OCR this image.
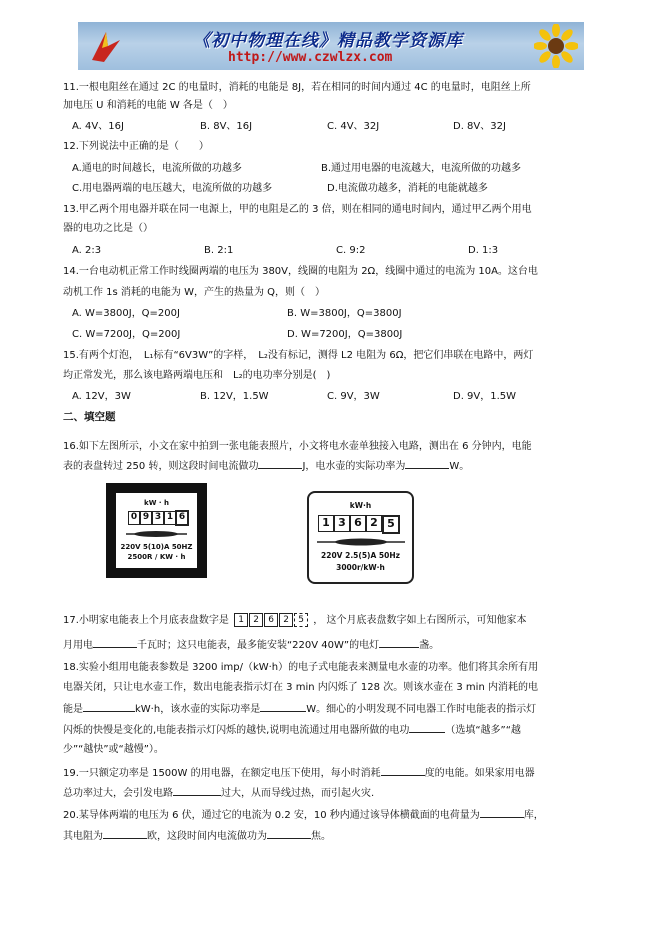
《初中物理在线》精品教学资源库
http://www.czwlzx.com
11.一根电阻丝在通过 2C 的电量时，消耗的电能是 8J，若在相同的时间内通过 4C 的电量时，电阻丝上所
加电压 U 和消耗的电能 W 各是（　）
A. 4V、16J	B. 8V、16J	C. 4V、32J	D. 8V、32J
12.下列说法中正确的是（　　）
A.通电的时间越长，电流所做的功越多	B.通过用电器的电流越大，电流所做的功越多
C.用电器两端的电压越大，电流所做的功越多	D.电流做功越多，消耗的电能就越多
13.甲乙两个用电器并联在同一电源上，甲的电阻是乙的 3 倍，则在相同的通电时间内，通过甲乙两个用电
器的电功之比是（）
A. 2:3	B. 2:1	C. 9:2	D. 1:3
14.一台电动机正常工作时线圈两端的电压为 380V，线圈的电阻为 2Ω，线圈中通过的电流为 10A。这台电
动机工作 1s 消耗的电能为 W，产生的热量为 Q，则（　）
A. W=3800J，Q=200J	B. W=3800J，Q=3800J
C. W=7200J，Q=200J	D. W=7200J，Q=3800J
15.有两个灯泡，　L₁标有“6V3W”的字样，　L₂没有标记，测得 L2 电阻为 6Ω，把它们串联在电路中，两灯
均正常发光，那么该电路两端电压和　L₂的电功率分别是(　)
A. 12V，3W	B. 12V，1.5W	C. 9V，3W	D. 9V，1.5W
二、填空题
16.如下左图所示，小文在家中拍到一张电能表照片，小文将电水壶单独接入电路，测出在 6 分钟内，电能
表的表盘转过 250 转，则这段时间电流做功	J，电水壶的实际功率为	W。
kW · h
0 9 3 1 6
220V 5(10)A 50HZ
2500R / KW · h
kW·h
1 3 6 2 5
220V 2.5(5)A 50Hz
3000r/kW·h
17.小明家电能表上个月底表盘数字是	1	2	6	2	5 ， 这个月底表盘数字如上右图所示，可知他家本
月用电	千瓦时；这只电能表，最多能安装“220V 40W”的电灯	盏。
18.实验小组用电能表参数是 3200 imp/（kW·h）的电子式电能表来测量电水壶的功率。他们将其余所有用
电器关闭，只让电水壶工作，数出电能表指示灯在 3 min 内闪烁了 128 次。则该水壶在 3 min 内消耗的电
能是	kW·h，该水壶的实际功率是	W。细心的小明发现不同电器工作时电能表的指示灯
闪烁的快慢是变化的,电能表指示灯闪烁的越快,说明电流通过用电器所做的电功	（选填“越多”“越
少”“越快”或“越慢”）。
19.一只额定功率是 1500W 的用电器，在额定电压下使用，每小时消耗	度的电能。如果家用电器
总功率过大，会引发电路	过大，从而导线过热，而引起火灾.
20.某导体两端的电压为 6 伏，通过它的电流为 0.2 安，10 秒内通过该导体横截面的电荷量为	库，
其电阻为	欧，这段时间内电流做功为	焦。
